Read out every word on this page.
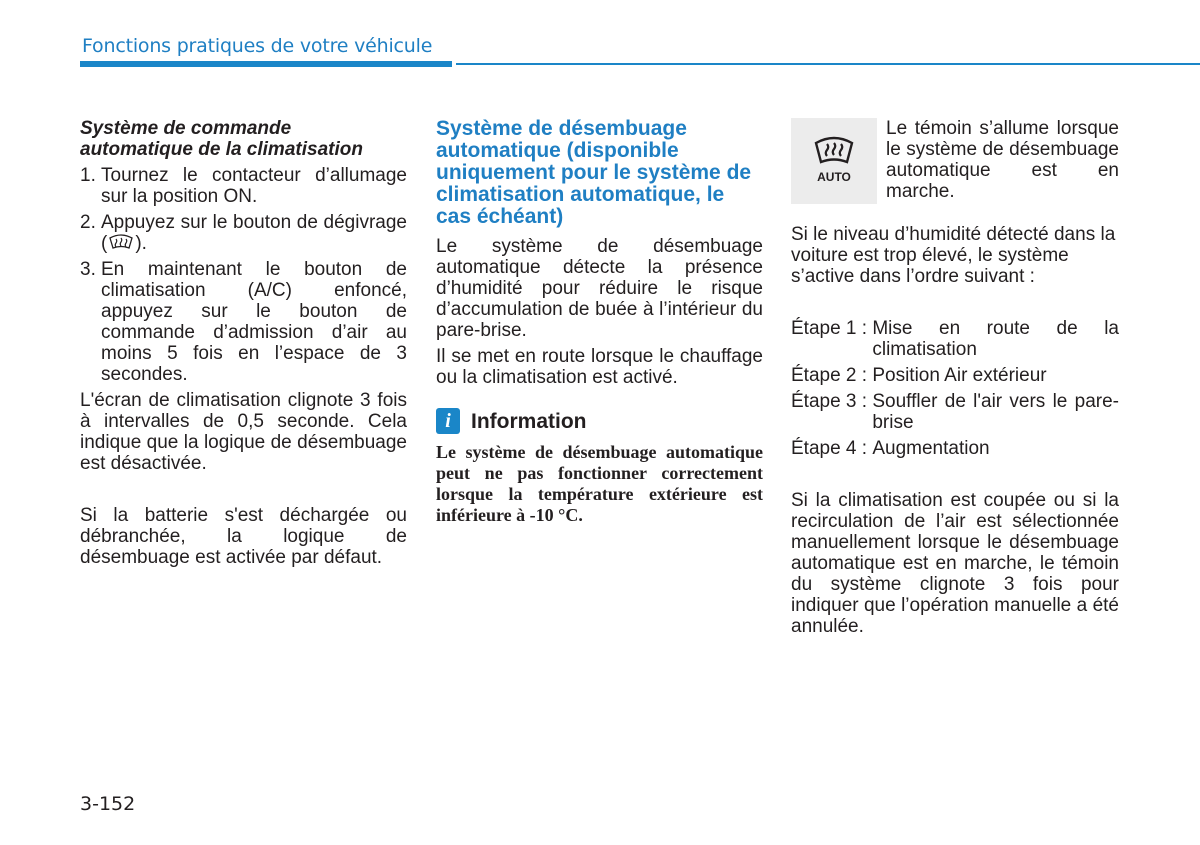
Fonctions pratiques de votre véhicule

Système de commande
automatique de la climatisation

1. Tournez le contacteur d’allumage sur la position ON.
2. Appuyez sur le bouton de dégivrage ( ).
3. En maintenant le bouton de climatisation (A/C) enfoncé, appuyez sur le bouton de commande d’admission d’air au moins 5 fois en l’espace de 3 secondes.

L'écran de climatisation clignote 3 fois à intervalles de 0,5 seconde. Cela indique que la logique de désembuage est désactivée.

Si la batterie s'est déchargée ou débranchée, la logique de désembuage est activée par défaut.

Système de désembuage automatique (disponible uniquement pour le système de climatisation automatique, le cas échéant)

Le système de désembuage automatique détecte la présence d’humidité pour réduire le risque d’accumulation de buée à l’intérieur du pare-brise.

Il se met en route lorsque le chauffage ou la climatisation est activé.

i Information

Le système de désembuage automatique peut ne pas fonctionner correctement lorsque la température extérieure est inférieure à -10 °C.

AUTO

Le témoin s’allume lorsque le système de désembuage automatique est en marche.

Si le niveau d’humidité détecté dans la voiture est trop élevé, le système s’active dans l’ordre suivant :

Étape 1 : Mise en route de la climatisation
Étape 2 : Position Air extérieur
Étape 3 : Souffler de l'air vers le pare-brise
Étape 4 : Augmentation

Si la climatisation est coupée ou si la recirculation de l’air est sélectionnée manuellement lorsque le désembuage automatique est en marche, le témoin du système clignote 3 fois pour indiquer que l’opération manuelle a été annulée.

3-152
